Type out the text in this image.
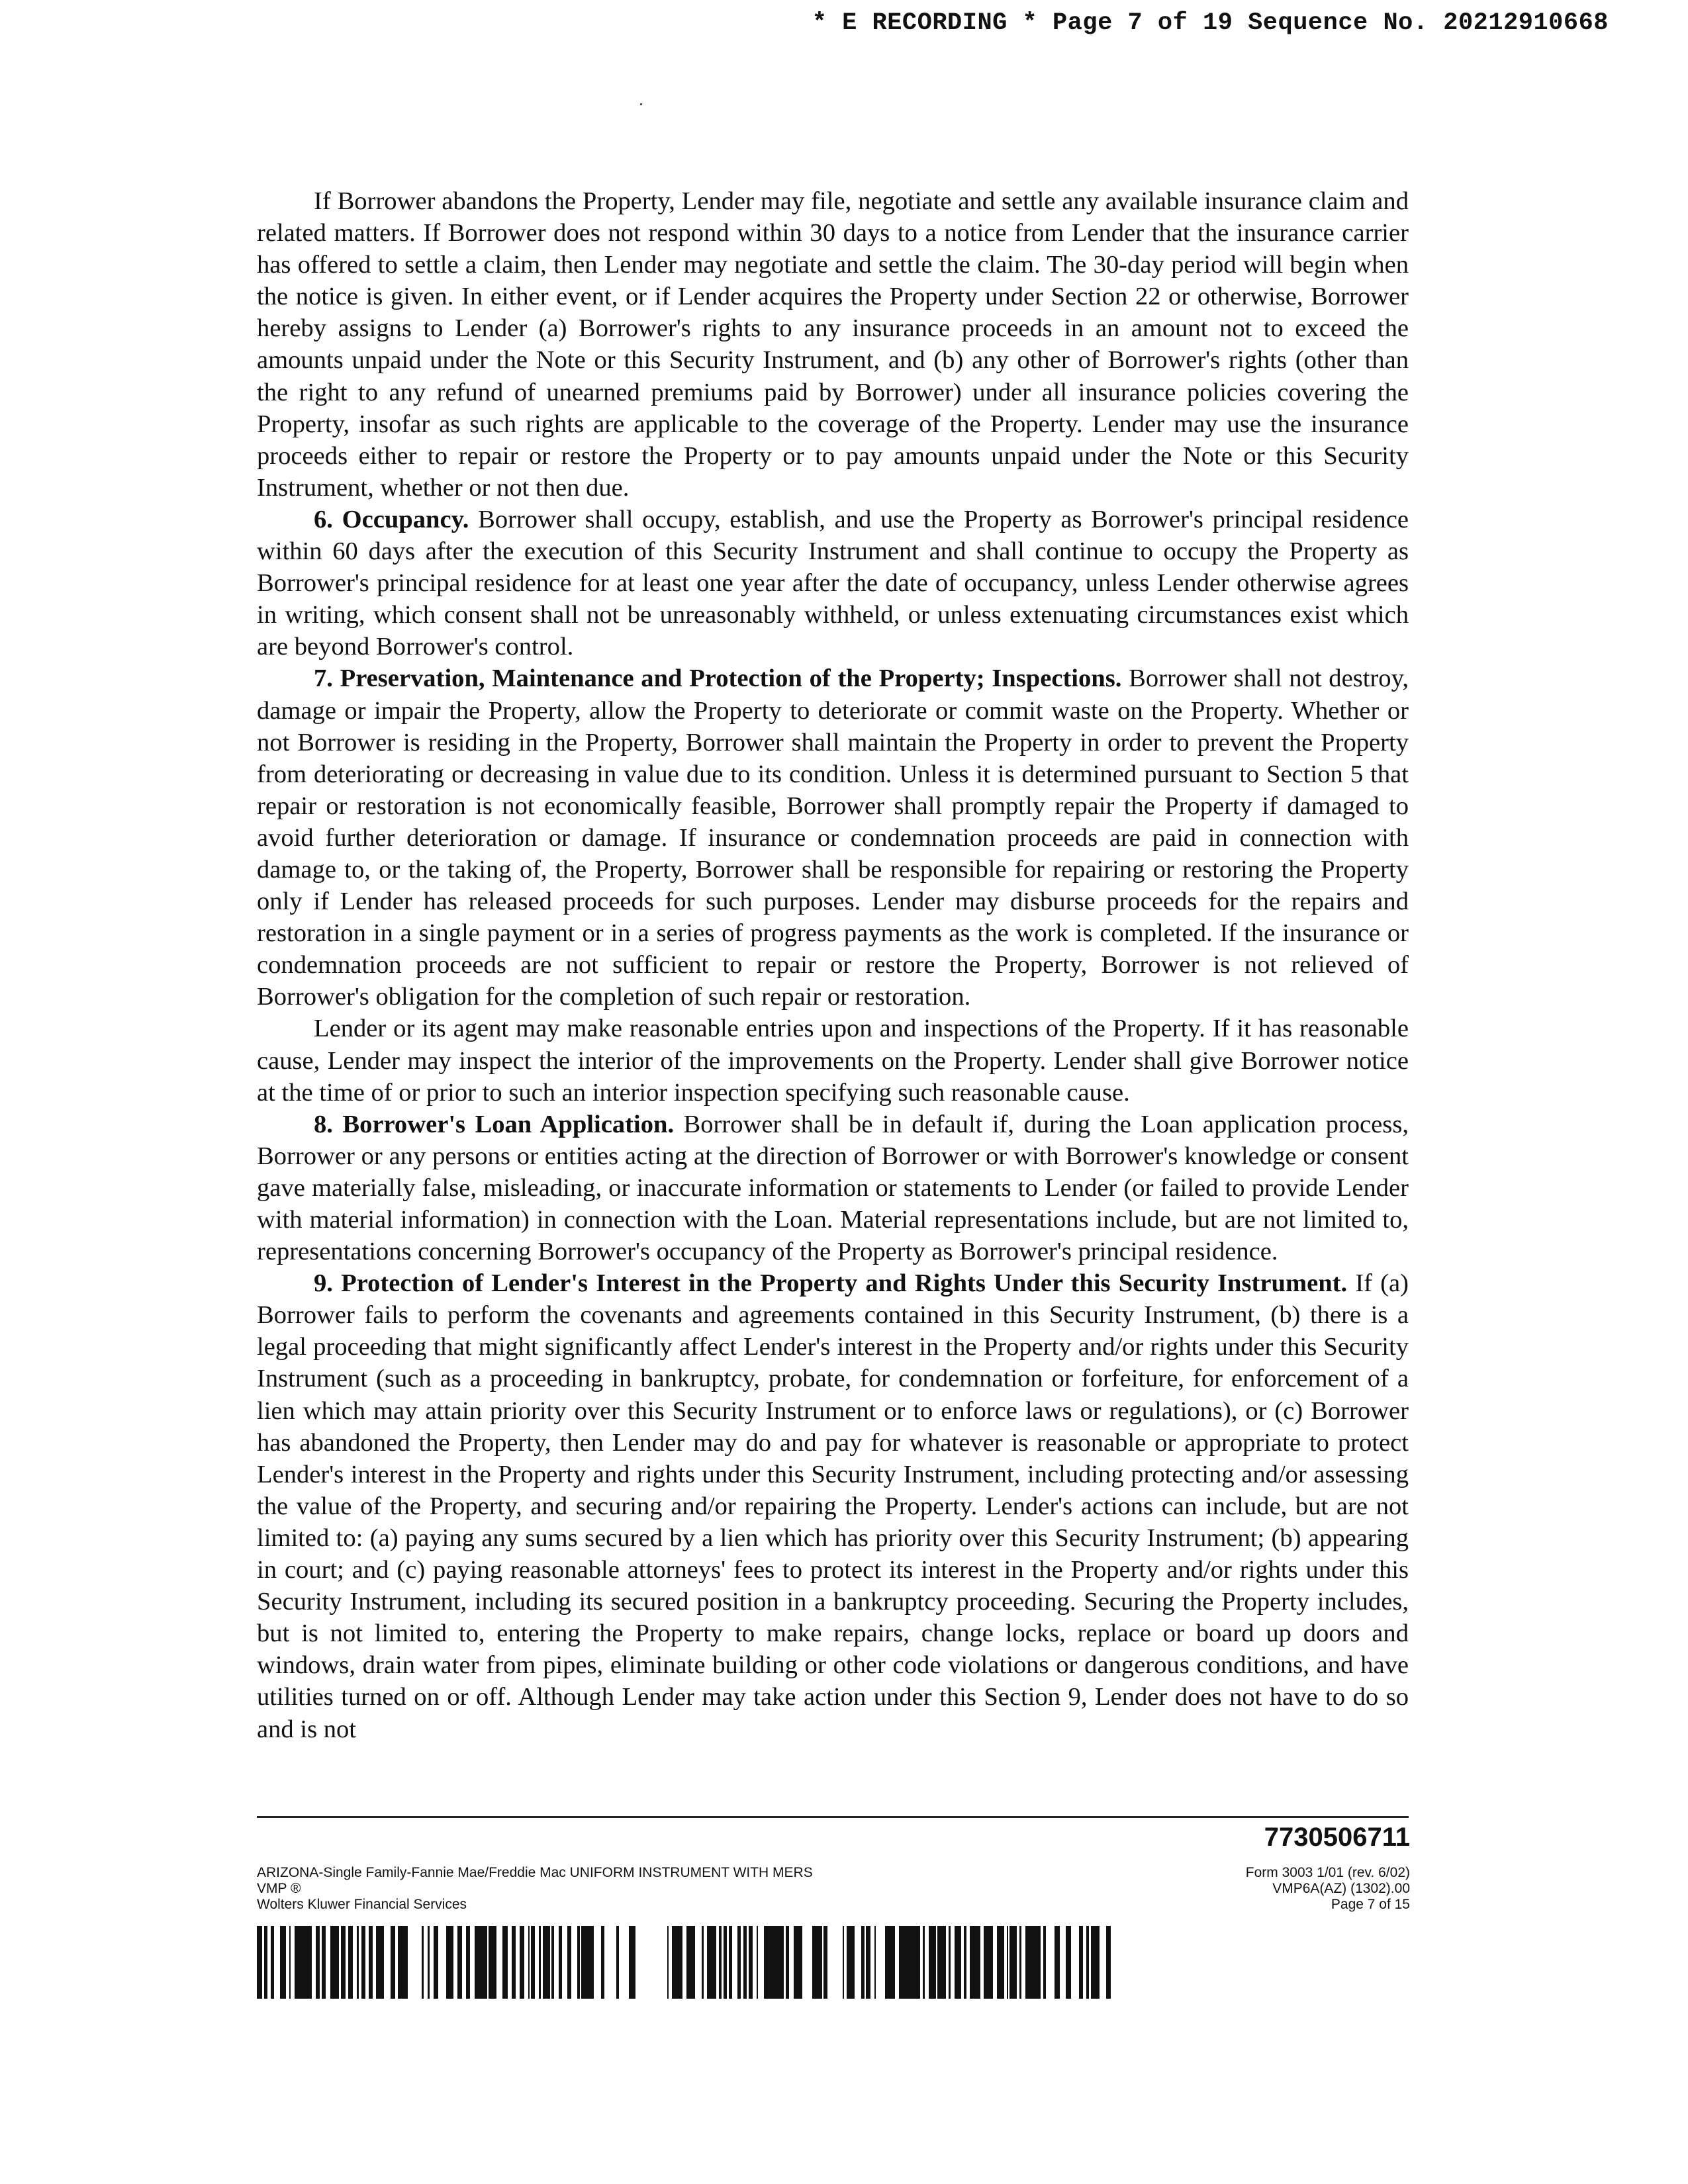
* E RECORDING * Page 7 of 19 Sequence No. 20212910668

If Borrower abandons the Property, Lender may file, negotiate and settle any available insurance claim and related matters. If Borrower does not respond within 30 days to a notice from Lender that the insurance carrier has offered to settle a claim, then Lender may negotiate and settle the claim. The 30-day period will begin when the notice is given. In either event, or if Lender acquires the Property under Section 22 or otherwise, Borrower hereby assigns to Lender (a) Borrower's rights to any insurance proceeds in an amount not to exceed the amounts unpaid under the Note or this Security Instrument, and (b) any other of Borrower's rights (other than the right to any refund of unearned premiums paid by Borrower) under all insurance policies covering the Property, insofar as such rights are applicable to the coverage of the Property. Lender may use the insurance proceeds either to repair or restore the Property or to pay amounts unpaid under the Note or this Security Instrument, whether or not then due.

6. Occupancy. Borrower shall occupy, establish, and use the Property as Borrower's principal residence within 60 days after the execution of this Security Instrument and shall continue to occupy the Property as Borrower's principal residence for at least one year after the date of occupancy, unless Lender otherwise agrees in writing, which consent shall not be unreasonably withheld, or unless extenuating circumstances exist which are beyond Borrower's control.

7. Preservation, Maintenance and Protection of the Property; Inspections. Borrower shall not destroy, damage or impair the Property, allow the Property to deteriorate or commit waste on the Property. Whether or not Borrower is residing in the Property, Borrower shall maintain the Property in order to prevent the Property from deteriorating or decreasing in value due to its condition. Unless it is determined pursuant to Section 5 that repair or restoration is not economically feasible, Borrower shall promptly repair the Property if damaged to avoid further deterioration or damage. If insurance or condemnation proceeds are paid in connection with damage to, or the taking of, the Property, Borrower shall be responsible for repairing or restoring the Property only if Lender has released proceeds for such purposes. Lender may disburse proceeds for the repairs and restoration in a single payment or in a series of progress payments as the work is completed. If the insurance or condemnation proceeds are not sufficient to repair or restore the Property, Borrower is not relieved of Borrower's obligation for the completion of such repair or restoration.

Lender or its agent may make reasonable entries upon and inspections of the Property. If it has reasonable cause, Lender may inspect the interior of the improvements on the Property. Lender shall give Borrower notice at the time of or prior to such an interior inspection specifying such reasonable cause.

8. Borrower's Loan Application. Borrower shall be in default if, during the Loan application process, Borrower or any persons or entities acting at the direction of Borrower or with Borrower's knowledge or consent gave materially false, misleading, or inaccurate information or statements to Lender (or failed to provide Lender with material information) in connection with the Loan. Material representations include, but are not limited to, representations concerning Borrower's occupancy of the Property as Borrower's principal residence.

9. Protection of Lender's Interest in the Property and Rights Under this Security Instrument. If (a) Borrower fails to perform the covenants and agreements contained in this Security Instrument, (b) there is a legal proceeding that might significantly affect Lender's interest in the Property and/or rights under this Security Instrument (such as a proceeding in bankruptcy, probate, for condemnation or forfeiture, for enforcement of a lien which may attain priority over this Security Instrument or to enforce laws or regulations), or (c) Borrower has abandoned the Property, then Lender may do and pay for whatever is reasonable or appropriate to protect Lender's interest in the Property and rights under this Security Instrument, including protecting and/or assessing the value of the Property, and securing and/or repairing the Property. Lender's actions can include, but are not limited to: (a) paying any sums secured by a lien which has priority over this Security Instrument; (b) appearing in court; and (c) paying reasonable attorneys' fees to protect its interest in the Property and/or rights under this Security Instrument, including its secured position in a bankruptcy proceeding. Securing the Property includes, but is not limited to, entering the Property to make repairs, change locks, replace or board up doors and windows, drain water from pipes, eliminate building or other code violations or dangerous conditions, and have utilities turned on or off. Although Lender may take action under this Section 9, Lender does not have to do so and is not

7730506711
ARIZONA-Single Family-Fannie Mae/Freddie Mac UNIFORM INSTRUMENT WITH MERS
VMP ®
Wolters Kluwer Financial Services
Form 3003 1/01 (rev. 6/02)
VMP6A(AZ) (1302).00
Page 7 of 15
